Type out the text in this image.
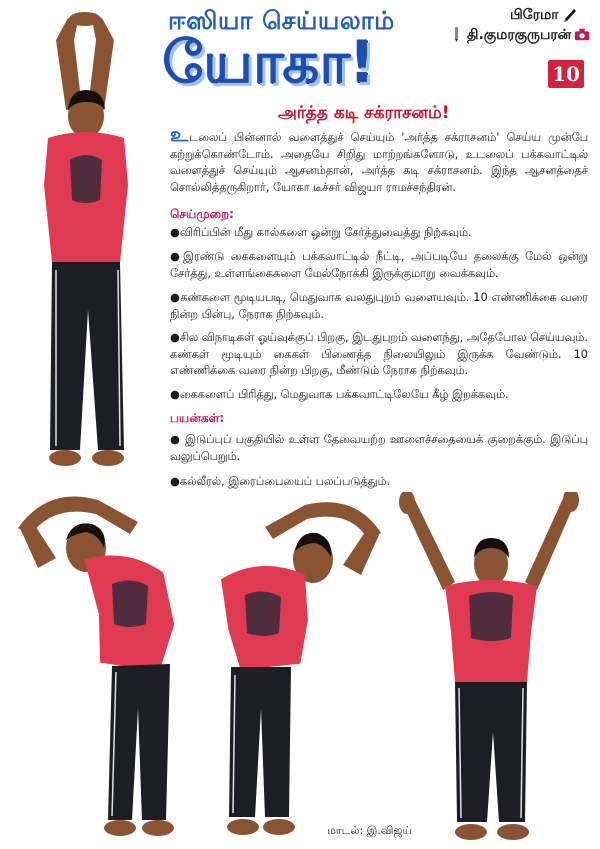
ஈஸியா செய்யலாம்
யோகா!
பிரேமா
தி.குமரகுருபரன்
10
அர்த்த கடி சக்ராசனம்!
உடலைப் பின்னால் வளைத்துச் செய்யும் 'அர்த்த சக்ராசனம்' செய்ய முன்பே கற்றுக்கொண்டோம். அதையே சிறிது மாற்றங்களோடு, உடலைப் பக்கவாட்டில் வளைத்துச் செய்யும் ஆசனம்தான், அர்த்த கடி சக்ராசனம். இந்த ஆசனத்தைச் சொல்லித்தருகிறார், யோகா டீச்சர் விஜயா ராமச்சந்திரன்.
செய்முறை:
●விரிப்பின் மீது கால்களை ஒன்று சேர்த்துவைத்து நிற்கவும்.
●இரண்டு கைகளையும் பக்கவாட்டில் நீட்டி, அப்படியே தலைக்கு மேல் ஒன்று சேர்த்து, உள்ளங்கைகளை மேல்நோக்கி இருக்குமாறு வைக்கவும்.
●கண்களை மூடியபடி, மெதுவாக வலதுபுறம் வளையவும். 10 எண்ணிக்கை வரை நின்ற பின்பு, நேராக நிற்கவும்.
●சில விநாடிகள் ஓய்வுக்குப் பிறகு, இடதுபுறம் வளைந்து, அதேபோல செய்யவும். கண்கள் மூடியும் கைகள் பிணைத்த நிலையிலும் இருக்க வேண்டும். 10 எண்ணிக்கை வரை நின்ற பிறகு, மீண்டும் நேராக நிற்கவும்.
●கைகளைப் பிரித்து, மெதுவாக பக்கவாட்டிலேயே கீழ் இறக்கவும்.
பயன்கள்:
● இடுப்புப் பகுதியில் உள்ள தேவையற்ற ஊளைச்சதையைக் குறைக்கும். இடுப்பு வலுப்பெறும்.
●கல்லீரல், இரைப்பையைப் பலப்படுத்தும்.
மாடல்: இ.விஜய்
